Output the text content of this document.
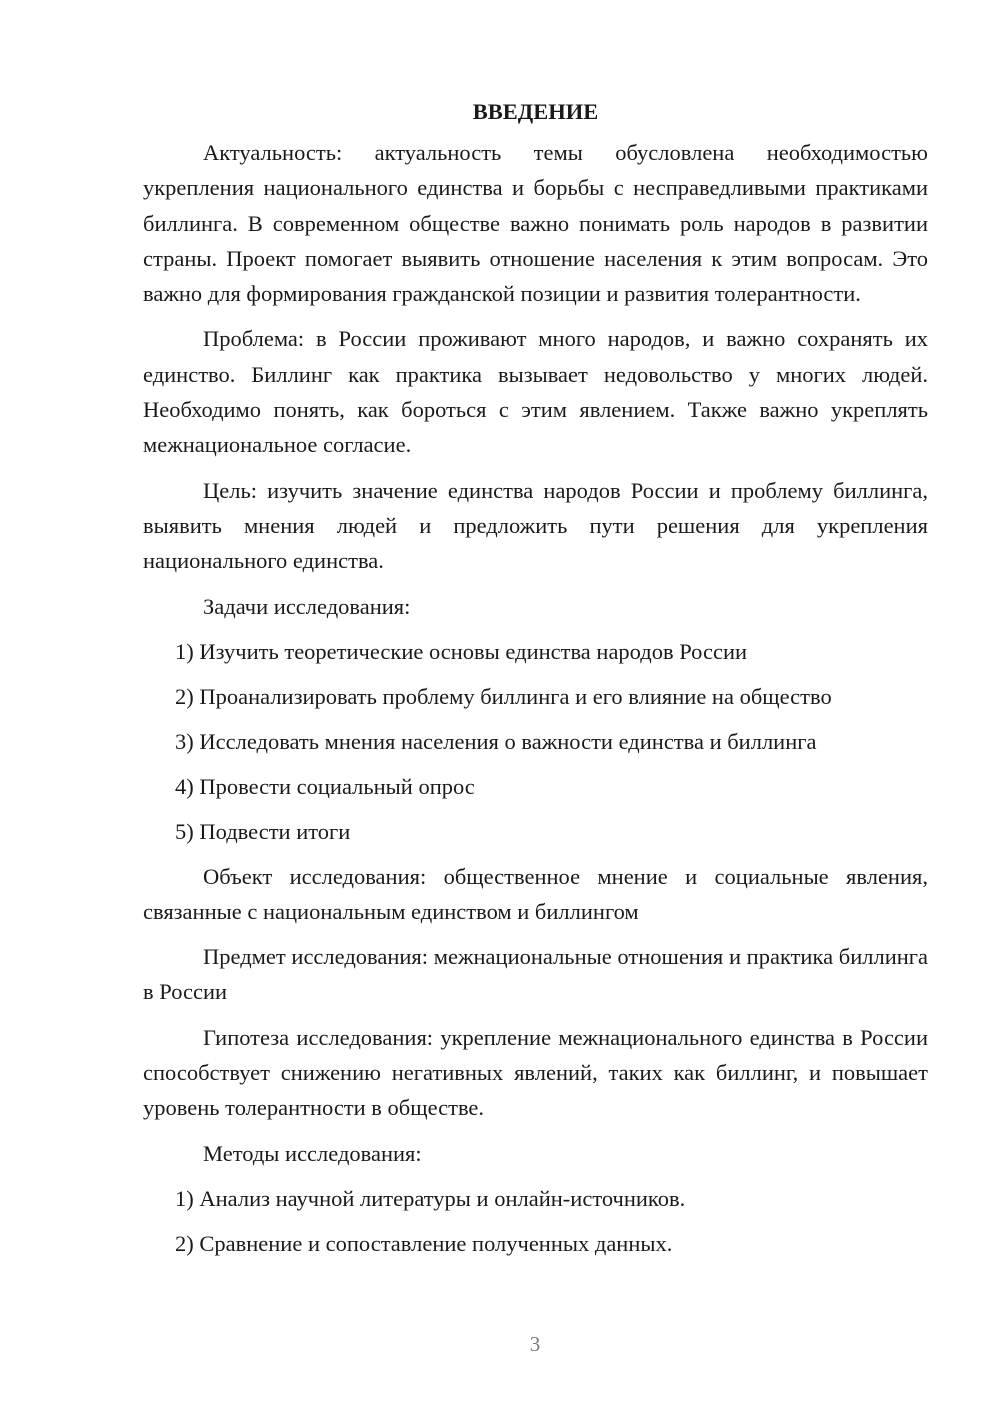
ВВЕДЕНИЕ

Актуальность: актуальность темы обусловлена необходимостью укрепления национального единства и борьбы с несправедливыми практиками биллинга. В современном обществе важно понимать роль народов в развитии страны. Проект помогает выявить отношение населения к этим вопросам. Это важно для формирования гражданской позиции и развития толерантности.

Проблема: в России проживают много народов, и важно сохранять их единство. Биллинг как практика вызывает недовольство у многих людей. Необходимо понять, как бороться с этим явлением. Также важно укреплять межнациональное согласие.

Цель: изучить значение единства народов России и проблему биллинга, выявить мнения людей и предложить пути решения для укрепления национального единства.

Задачи исследования:
1) Изучить теоретические основы единства народов России
2) Проанализировать проблему биллинга и его влияние на общество
3) Исследовать мнения населения о важности единства и биллинга
4) Провести социальный опрос
5) Подвести итоги

Объект исследования: общественное мнение и социальные явления, связанные с национальным единством и биллингом

Предмет исследования: межнациональные отношения и практика биллинга в России

Гипотеза исследования: укрепление межнационального единства в России способствует снижению негативных явлений, таких как биллинг, и повышает уровень толерантности в обществе.

Методы исследования:
1) Анализ научной литературы и онлайн-источников.
2) Сравнение и сопоставление полученных данных.
3
